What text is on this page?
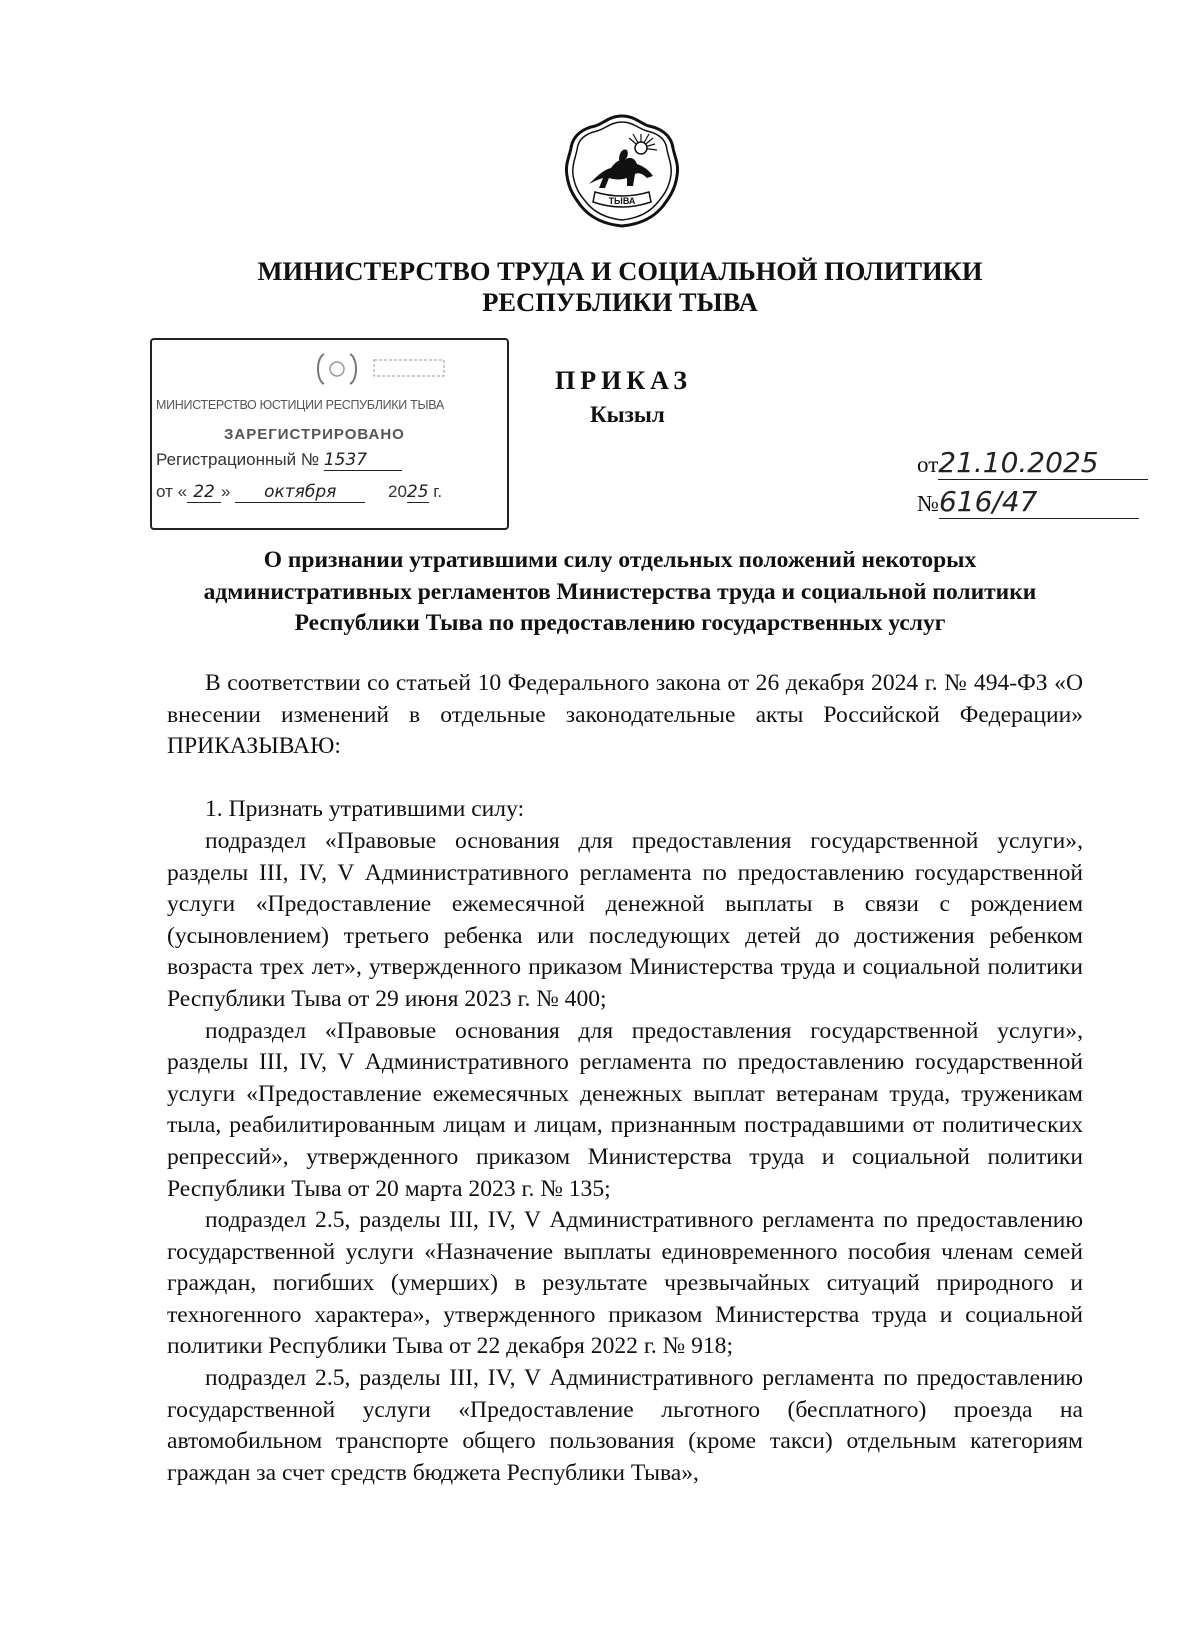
ТЫВА
МИНИСТЕРСТВО ТРУДА И СОЦИАЛЬНОЙ ПОЛИТИКИ
РЕСПУБЛИКИ ТЫВА
МИНИСТЕРСТВО ЮСТИЦИИ РЕСПУБЛИКИ ТЫВА
ЗАРЕГИСТРИРОВАНО
Регистрационный № 1537
от « 22 » октября	2025 г.
ПРИКАЗ
Кызыл
от21.10.2025
№616/47
О признании утратившими силу отдельных положений некоторых
административных регламентов Министерства труда и социальной политики
Республики Тыва по предоставлению государственных услуг

В соответствии со статьей 10 Федерального закона от 26 декабря 2024 г. № 494-ФЗ «О внесении изменений в отдельные законодательные акты Российской Федерации» ПРИКАЗЫВАЮ:

1. Признать утратившими силу:

подраздел «Правовые основания для предоставления государственной услуги», разделы III, IV, V Административного регламента по предоставлению государственной услуги «Предоставление ежемесячной денежной выплаты в связи с рождением (усыновлением) третьего ребенка или последующих детей до достижения ребенком возраста трех лет», утвержденного приказом Министерства труда и социальной политики Республики Тыва от 29 июня 2023 г. № 400;

подраздел «Правовые основания для предоставления государственной услуги», разделы III, IV, V Административного регламента по предоставлению государственной услуги «Предоставление ежемесячных денежных выплат ветеранам труда, труженикам тыла, реабилитированным лицам и лицам, признанным пострадавшими от политических репрессий», утвержденного приказом Министерства труда и социальной политики Республики Тыва от 20 марта 2023 г. № 135;

подраздел 2.5, разделы III, IV, V Административного регламента по предоставлению государственной услуги «Назначение выплаты единовременного пособия членам семей граждан, погибших (умерших) в результате чрезвычайных ситуаций природного и техногенного характера», утвержденного приказом Министерства труда и социальной политики Республики Тыва от 22 декабря 2022 г. № 918;

подраздел 2.5, разделы III, IV, V Административного регламента по предоставлению государственной услуги «Предоставление льготного (бесплатного) проезда на автомобильном транспорте общего пользования (кроме такси) отдельным категориям граждан за счет средств бюджета Республики Тыва»,
